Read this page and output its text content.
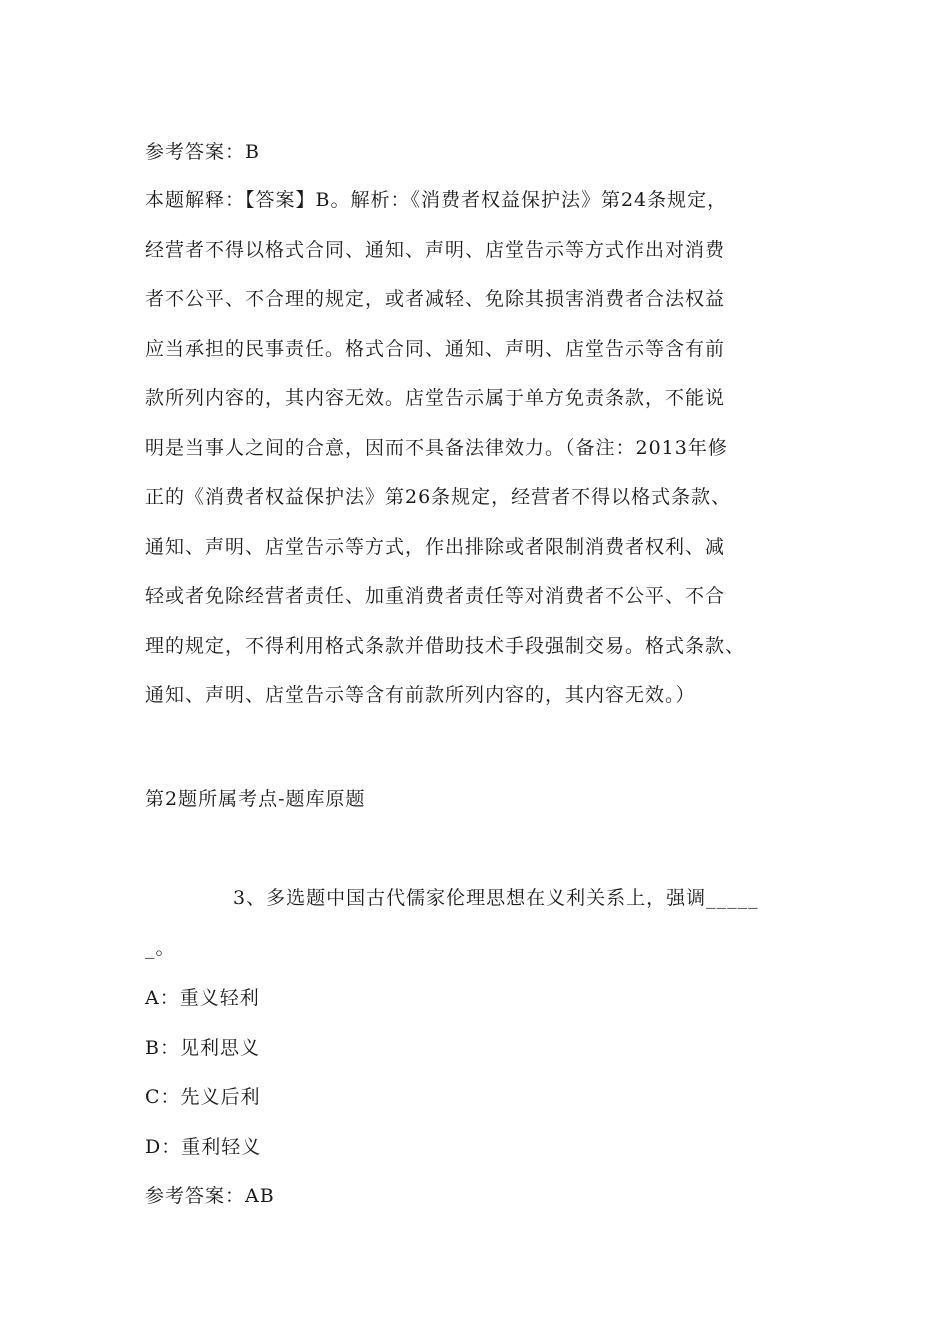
参考答案：B
本题解释：【答案】B。解析：《消费者权益保护法》第24条规定，
经营者不得以格式合同、通知、声明、店堂告示等方式作出对消费
者不公平、不合理的规定，或者减轻、免除其损害消费者合法权益
应当承担的民事责任。格式合同、通知、声明、店堂告示等含有前
款所列内容的，其内容无效。店堂告示属于单方免责条款，不能说
明是当事人之间的合意，因而不具备法律效力。（备注：2013年修
正的《消费者权益保护法》第26条规定，经营者不得以格式条款、
通知、声明、店堂告示等方式，作出排除或者限制消费者权利、减
轻或者免除经营者责任、加重消费者责任等对消费者不公平、不合
理的规定，不得利用格式条款并借助技术手段强制交易。格式条款、
通知、声明、店堂告示等含有前款所列内容的，其内容无效。）
第2题所属考点-题库原题
3、多选题中国古代儒家伦理思想在义利关系上，强调_____
_。
A：重义轻利
B：见利思义
C：先义后利
D：重利轻义
参考答案：AB
